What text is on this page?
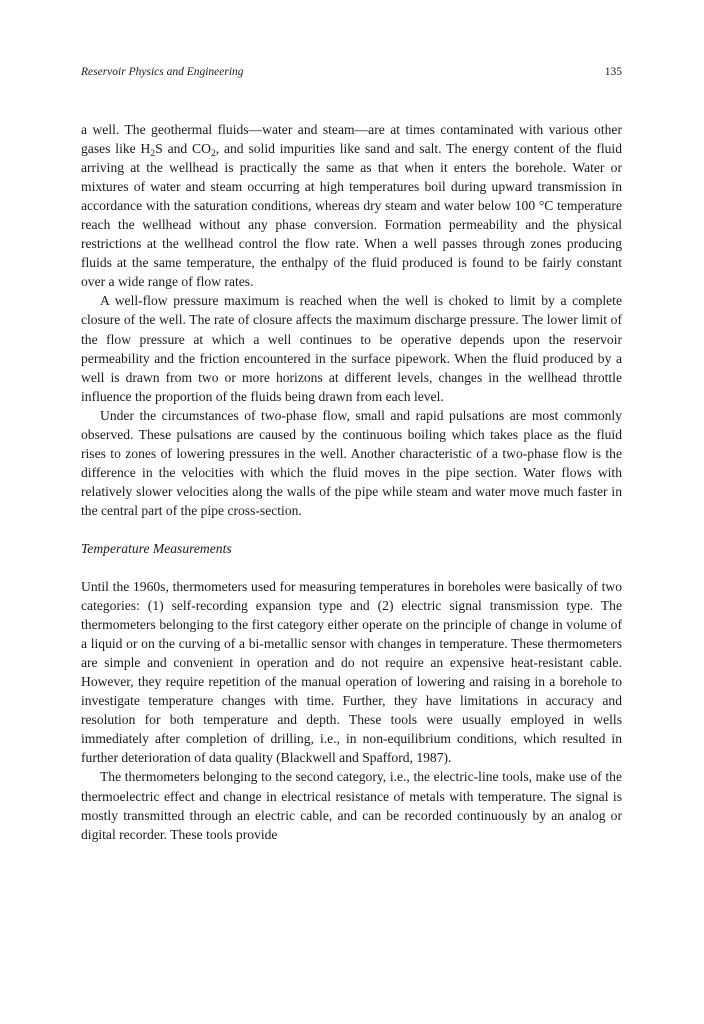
Reservoir Physics and Engineering	135

a well. The geothermal fluids—water and steam—are at times contaminated with various other gases like $H_2S$ and $CO_2$, and solid impurities like sand and salt. The energy content of the fluid arriving at the wellhead is practically the same as that when it enters the borehole. Water or mixtures of water and steam occurring at high temperatures boil during upward transmission in accordance with the saturation conditions, whereas dry steam and water below 100 °C temperature reach the wellhead without any phase conversion. Formation permeability and the physical restrictions at the wellhead control the flow rate. When a well passes through zones producing fluids at the same temperature, the enthalpy of the fluid produced is found to be fairly constant over a wide range of flow rates.

A well-flow pressure maximum is reached when the well is choked to limit by a complete closure of the well. The rate of closure affects the maximum discharge pressure. The lower limit of the flow pressure at which a well continues to be operative depends upon the reservoir permeability and the friction encountered in the surface pipework. When the fluid produced by a well is drawn from two or more horizons at different levels, changes in the wellhead throttle influence the proportion of the fluids being drawn from each level.

Under the circumstances of two-phase flow, small and rapid pulsations are most commonly observed. These pulsations are caused by the continuous boiling which takes place as the fluid rises to zones of lowering pressures in the well. Another characteristic of a two-phase flow is the difference in the velocities with which the fluid moves in the pipe section. Water flows with relatively slower velocities along the walls of the pipe while steam and water move much faster in the central part of the pipe cross-section.

Temperature Measurements

Until the 1960s, thermometers used for measuring temperatures in boreholes were basically of two categories: (1) self-recording expansion type and (2) electric signal transmission type. The thermometers belonging to the first category either operate on the principle of change in volume of a liquid or on the curving of a bi-metallic sensor with changes in temperature. These thermometers are simple and convenient in operation and do not require an expensive heat-resistant cable. However, they require repetition of the manual operation of lowering and raising in a borehole to investigate temperature changes with time. Further, they have limitations in accuracy and resolution for both temperature and depth. These tools were usually employed in wells immediately after completion of drilling, i.e., in non-equilibrium conditions, which resulted in further deterioration of data quality (Blackwell and Spafford, 1987).

The thermometers belonging to the second category, i.e., the electric-line tools, make use of the thermoelectric effect and change in electrical resistance of metals with temperature. The signal is mostly transmitted through an electric cable, and can be recorded continuously by an analog or digital recorder. These tools provide
